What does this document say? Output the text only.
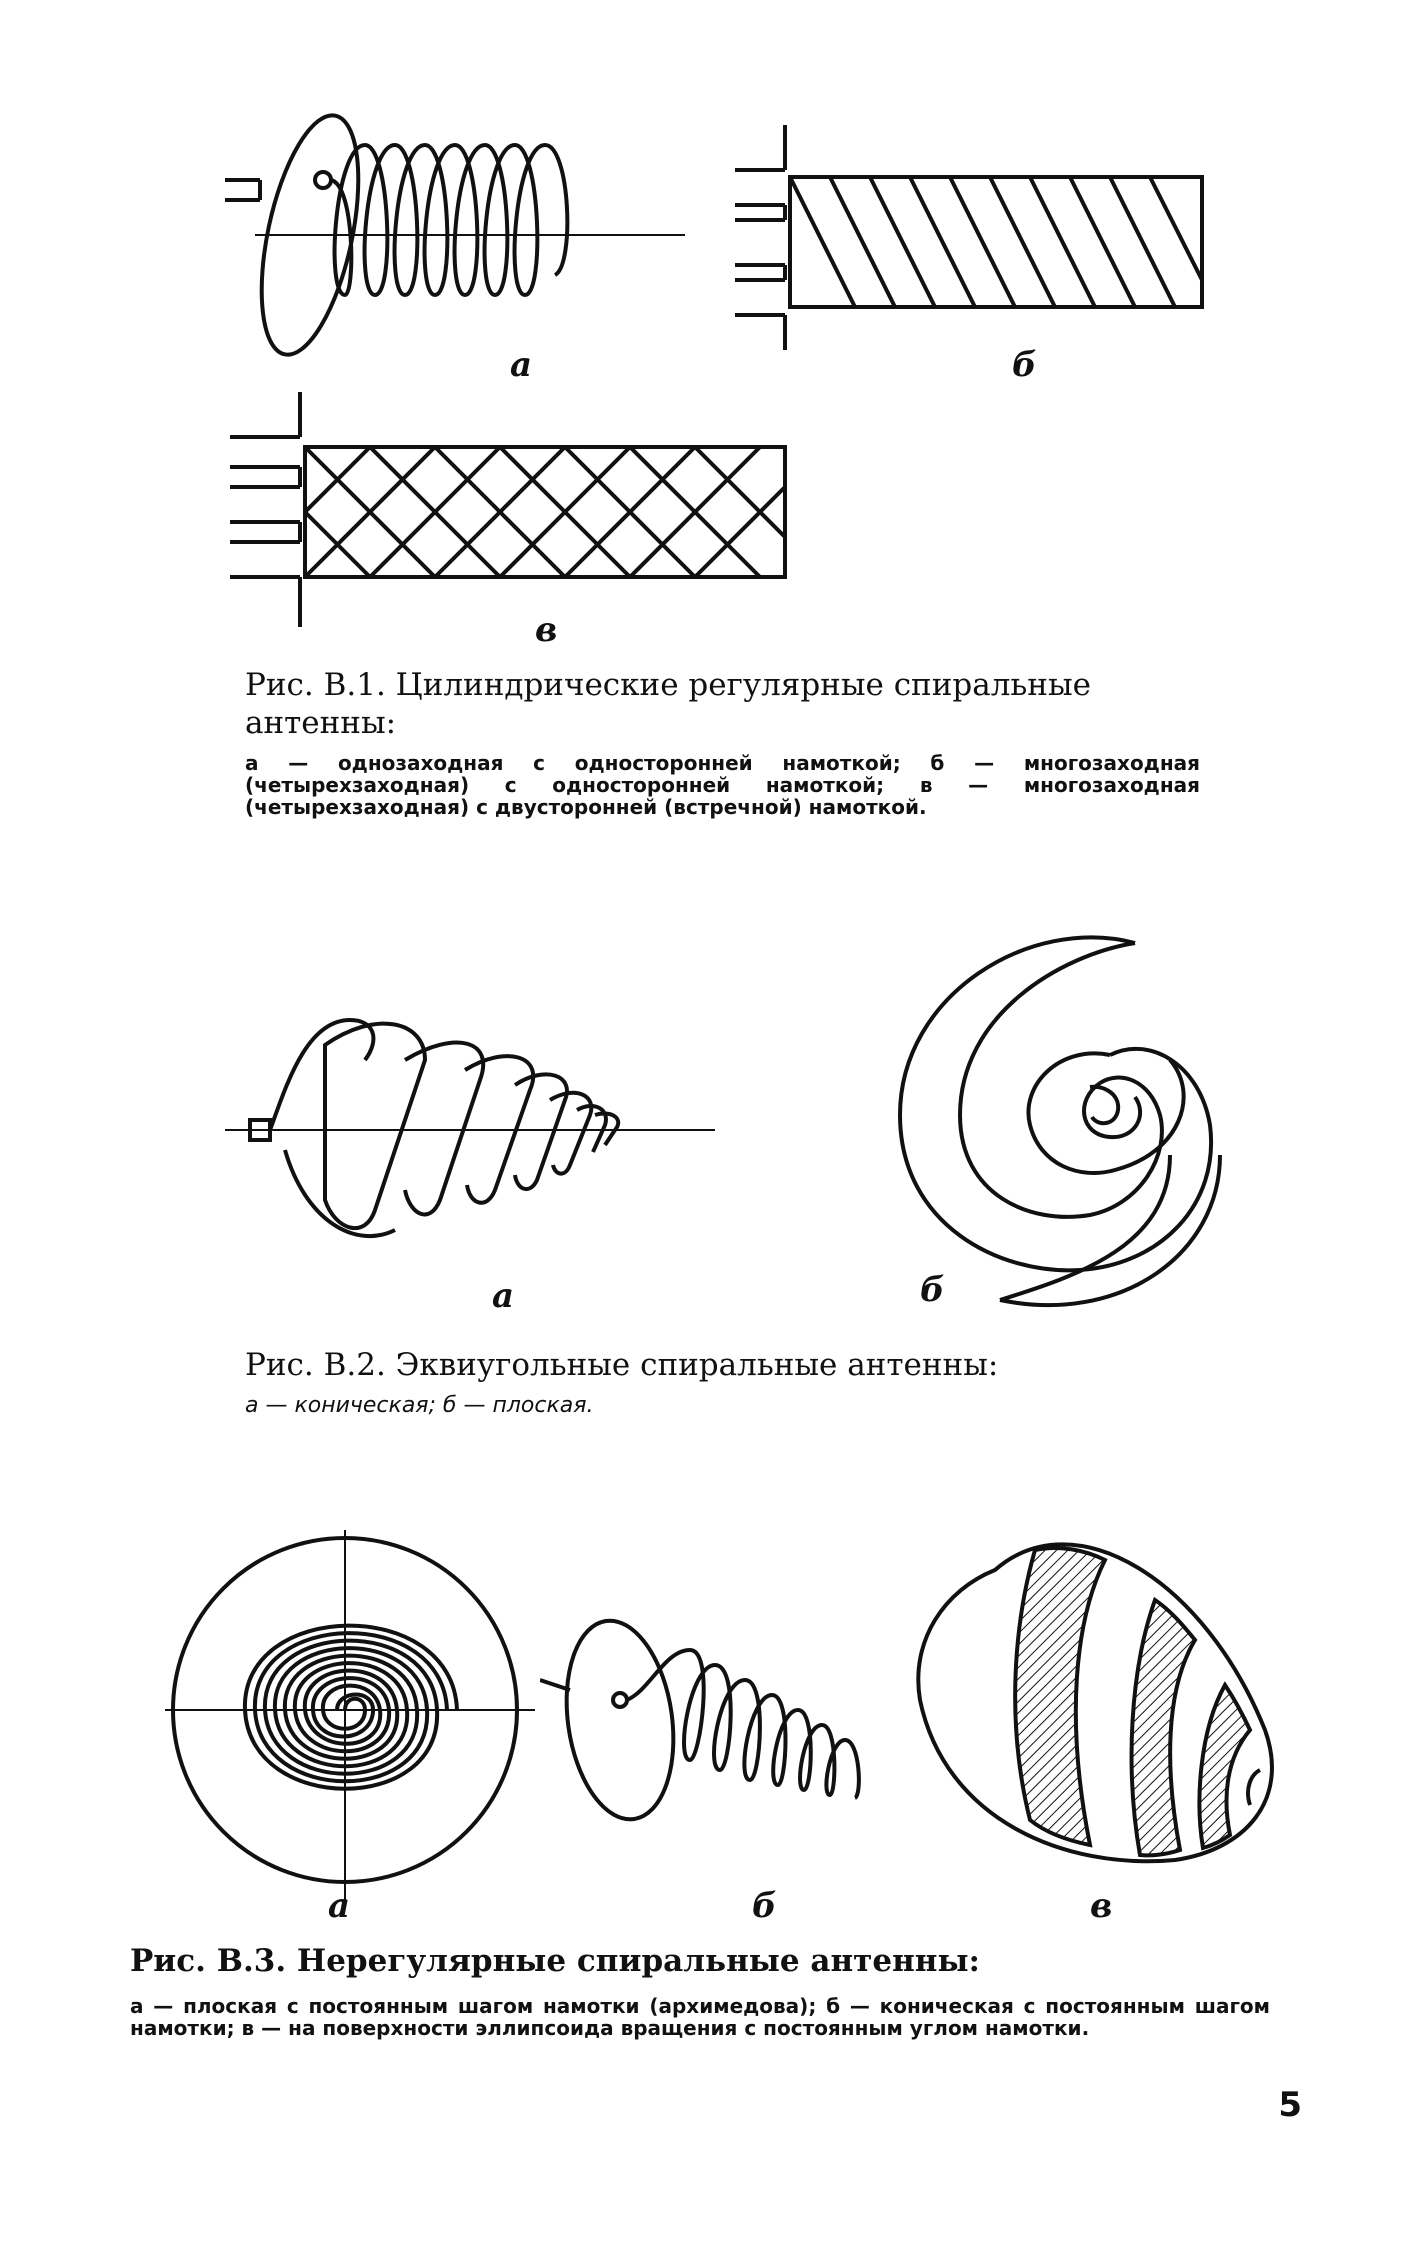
а	б
в
Рис. В.1. Цилиндрические регулярные спиральные антенны:
а — однозаходная с односторонней намоткой; б — многозаходная (четырехзаходная) с односторонней намоткой; в — многозаходная (четырехзаходная) с двусторонней (встречной) намоткой.
а	б
Рис. В.2. Эквиугольные спиральные антенны:
а — коническая; б — плоская.
а	б	в
Рис. В.3. Нерегулярные спиральные антенны:
а — плоская с постоянным шагом намотки (архимедова); б — коническая с постоянным шагом намотки; в — на поверхности эллипсоида вращения с постоянным углом намотки.
5
